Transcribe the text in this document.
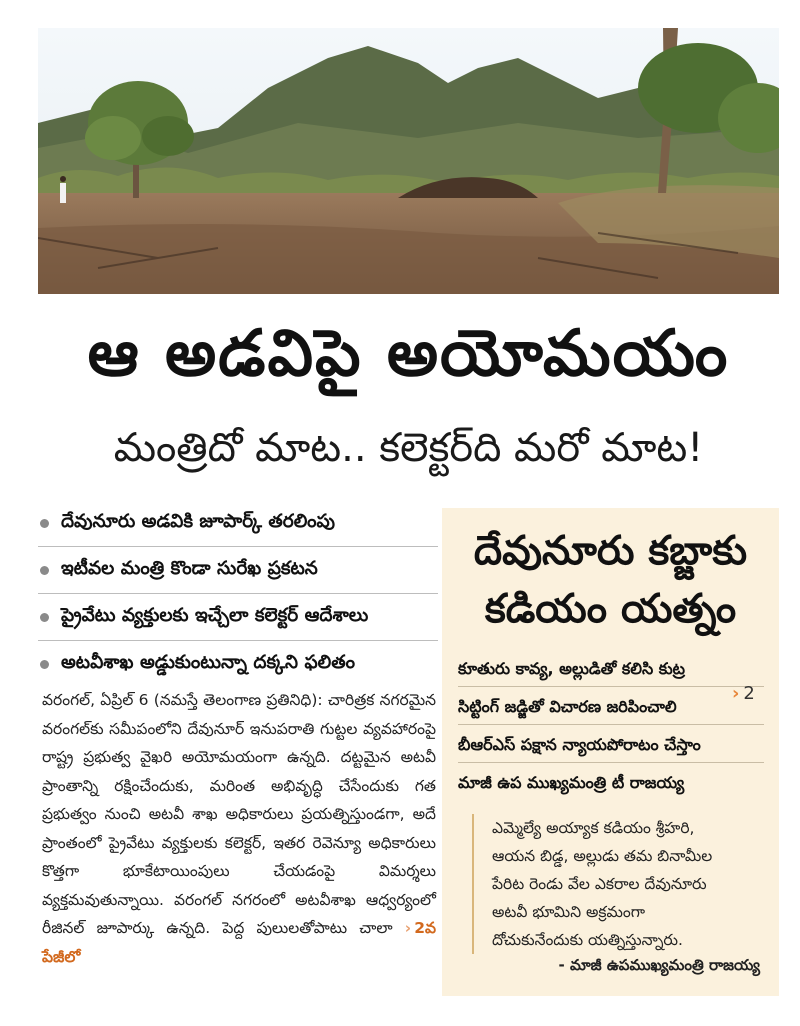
ఆ అడవిపై అయోమయం
మంత్రిదో మాట.. కలెక్టర్‌ది మరో మాట!
దేవునూరు అడవికి జూపార్క్‌ తరలింపు
ఇటీవల మంత్రి కొండా సురేఖ ప్రకటన
ప్రైవేటు వ్యక్తులకు ఇచ్చేలా కలెక్టర్‌ ఆదేశాలు
అటవీశాఖ అడ్డుకుంటున్నా దక్కని ఫలితం

వరంగల్‌, ఏప్రిల్‌ 6 (నమస్తే తెలంగాణ ప్రతినిధి): చారిత్రక నగరమైన వరంగల్‌కు సమీపంలోని దేవునూర్‌ ఇనుపరాతి గుట్టల వ్యవహారంపై రాష్ట్ర ప్రభుత్వ వైఖరి అయోమయంగా ఉన్నది. దట్టమైన అటవీ ప్రాంతాన్ని రక్షించేందుకు, మరింత అభివృద్ధి చేసేందుకు గత ప్రభుత్వం నుంచి అటవీ శాఖ అధికారులు ప్రయత్నిస్తుండగా, అదే ప్రాంతంలో ప్రైవేటు వ్యక్తులకు కలెక్టర్‌, ఇతర రెవెన్యూ అధికారులు కొత్తగా భూకేటాయింపులు చేయడంపై విమర్శలు వ్యక్తమవుతున్నాయి. వరంగల్‌ నగరంలో అటవీశాఖ ఆధ్వర్యంలో రీజినల్‌ జూపార్కు ఉన్నది. పెద్ద పులులతోపాటు చాలా › 2వ పేజీలో

దేవునూరు కబ్జాకు
కడియం యత్నం
కూతురు కావ్య, అల్లుడితో కలిసి కుట్ర
సిట్టింగ్‌ జడ్జితో విచారణ జరిపించాలి
బీఆర్‌ఎస్‌ పక్షాన న్యాయపోరాటం చేస్తాం
మాజీ ఉప ముఖ్యమంత్రి టీ రాజయ్య
› 2

ఎమ్మెల్యే అయ్యాక కడియం శ్రీహరి,

ఆయన బిడ్డ, అల్లుడు తమ బినామీల

పేరిట రెండు వేల ఎకరాల దేవునూరు

అటవీ భూమిని అక్రమంగా

దోచుకునేందుకు యత్నిస్తున్నారు.

- మాజీ ఉపముఖ్యమంత్రి రాజయ్య
